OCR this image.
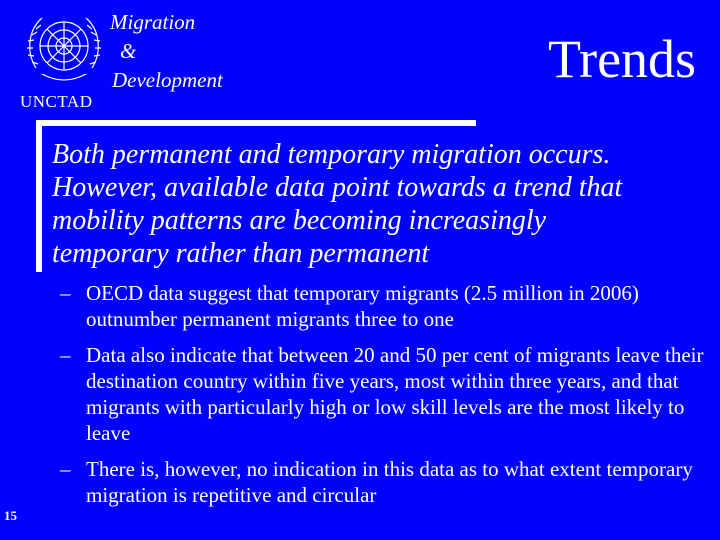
UNCTAD
Migration
&
Development	Trends
Both permanent and temporary migration occurs.
However, available data point towards a trend that
mobility patterns are becoming increasingly
temporary rather than permanent
– OECD data suggest that temporary migrants (2.5 million in 2006) outnumber permanent migrants three to one
– Data also indicate that between 20 and 50 per cent of migrants leave their destination country within five years, most within three years, and that migrants with particularly high or low skill levels are the most likely to leave
– There is, however, no indication in this data as to what extent temporary migration is repetitive and circular
15
